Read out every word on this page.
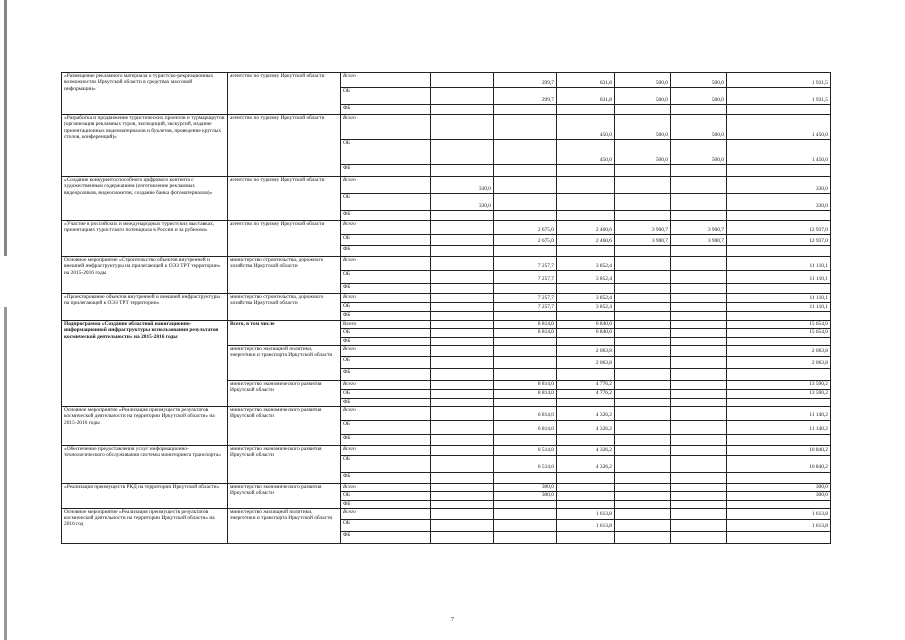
«Размещение рекламного материала о туристско-рекреационных возможностях Иркутской области в средствах массовой информации»	агентство по туризму Иркутской области	Всего		299,7	631,8	500,0	500,0	1 931,5
		ОБ		299,7	631,8	500,0	500,0	1 931,5
		ФБ						
«Разработка и продвижение туристических проектов и турмаршрутов (организация рекламных туров, экспедиций, экскурсий, издание презентационных видеоматериалов и буклетов, проведение круглых столов, конференций)»	агентство по туризму Иркутской области	Всего			450,0	500,0	500,0	1 450,0
		ОБ			450,0	500,0	500,0	1 450,0
		ФБ						
«Создание конкурентоспособного цифрового контента с художественным содержанием (изготовление рекламных видеороликов, видеосюжетов, создание банка фотоматериалов)»	агентство по туризму Иркутской области	Всего	330,0					330,0
		ОБ	330,0					330,0
		ФБ						
«Участие в российских и международных туристских выставках, презентациях туристского потенциала в России и за рубежом»	агентство по туризму Иркутской области	Всего		2 675,0	2 460,6	3 900,7	3 900,7	12 937,0
		ОБ		2 675,0	2 460,6	3 900,7	3 900,7	12 937,0
		ФБ						
Основное мероприятие «Строительство объектов внутренней и внешней инфраструктуры на прилегающей к ОЭЗ ТРТ территории» на 2015-2016 годы	министерство строительства, дорожного хозяйства Иркутской области	Всего		7 257,7	3 852,4			11 110,1
		ОБ		7 257,7	3 852,4			11 110,1
		ФБ						
«Проектирование объектов внутренней и внешней инфраструктуры на прилегающей к ОЭЗ ТРТ территории»	министерство строительства, дорожного хозяйства Иркутской области	Всего		7 257,7	3 852,4			11 110,1
		ОБ		7 257,7	3 852,4			11 110,1
		ФБ						
Подпрограмма «Создание областной навигационно-информационной инфраструктуры использования результатов космической деятельности» на 2015-2016 годы	Всего, в том числе	Всего		8 814,0	6 840,0			15 654,0
		ОБ		8 814,0	6 840,0			15 654,0
		ФБ						
	министерство жилищной политики, энергетики и транспорта Иркутской области	Всего			2 063,8			2 063,8
		ОБ			2 063,8			2 063,8
		ФБ						
	министерство экономического развития Иркутской области	Всего		8 814,0	4 776,2			13 590,2
		ОБ		8 814,0	4 776,2			13 590,2
		ФБ						
Основное мероприятие «Реализация преимуществ результатов космической деятельности на территории Иркутской области» на 2015-2016 годы	министерство экономического развития Иркутской области	Всего		6 814,0	4 326,2			11 140,2
		ОБ		6 814,0	4 326,2			11 140,2
		ФБ						
«Обеспечение предоставления услуг информационно-технологического обслуживания системы мониторинга транспорта»	министерство экономического развития Иркутской области	Всего		6 514,0	4 326,2			10 840,2
		ОБ		6 514,0	4 326,2			10 840,2
		ФБ						
«Реализация преимуществ РКД на территории Иркутской области»	министерство экономического развития Иркутской области	Всего		300,0				300,0
		ОБ		300,0				300,0
		ФБ						
Основное мероприятие «Реализация преимуществ результатов космической деятельности на территории Иркутской области» на 2016 год	министерство жилищной политики, энергетики и транспорта Иркутской области	Всего			1 613,8			1 613,8
		ОБ			1 613,8			1 613,8
		ФБ						
7
